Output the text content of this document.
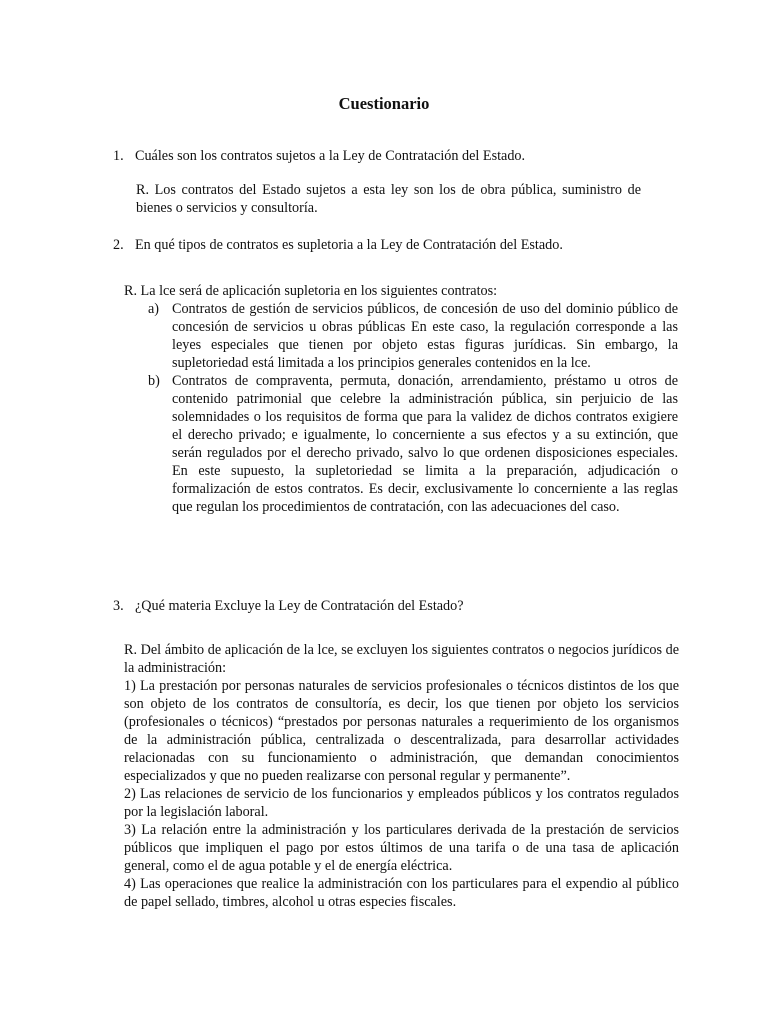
Cuestionario
1. Cuáles son los contratos sujetos a la Ley de Contratación del Estado.
R. Los contratos del Estado sujetos a esta ley son los de obra pública, suministro de bienes o servicios y consultoría.
2. En qué tipos de contratos es supletoria a la Ley de Contratación del Estado.
R. La lce será de aplicación supletoria en los siguientes contratos:
a) Contratos de gestión de servicios públicos, de concesión de uso del dominio público de concesión de servicios u obras públicas En este caso, la regulación corresponde a las leyes especiales que tienen por objeto estas figuras jurídicas. Sin embargo, la supletoriedad está limitada a los principios generales contenidos en la lce.
b) Contratos de compraventa, permuta, donación, arrendamiento, préstamo u otros de contenido patrimonial que celebre la administración pública, sin perjuicio de las solemnidades o los requisitos de forma que para la validez de dichos contratos exigiere el derecho privado; e igualmente, lo concerniente a sus efectos y a su extinción, que serán regulados por el derecho privado, salvo lo que ordenen disposiciones especiales. En este supuesto, la supletoriedad se limita a la preparación, adjudicación o formalización de estos contratos. Es decir, exclusivamente lo concerniente a las reglas que regulan los procedimientos de contratación, con las adecuaciones del caso.
3. ¿Qué materia Excluye la Ley de Contratación del Estado?

R. Del ámbito de aplicación de la lce, se excluyen los siguientes contratos o negocios jurídicos de la administración:

1) La prestación por personas naturales de servicios profesionales o técnicos distintos de los que son objeto de los contratos de consultoría, es decir, los que tienen por objeto los servicios (profesionales o técnicos) “prestados por personas naturales a requerimiento de los organismos de la administración pública, centralizada o descentralizada, para desarrollar actividades relacionadas con su funcionamiento o administración, que demandan conocimientos especializados y que no pueden realizarse con personal regular y permanente”.

2) Las relaciones de servicio de los funcionarios y empleados públicos y los contratos regulados por la legislación laboral.

3) La relación entre la administración y los particulares derivada de la prestación de servicios públicos que impliquen el pago por estos últimos de una tarifa o de una tasa de aplicación general, como el de agua potable y el de energía eléctrica.

4) Las operaciones que realice la administración con los particulares para el expendio al público de papel sellado, timbres, alcohol u otras especies fiscales.
